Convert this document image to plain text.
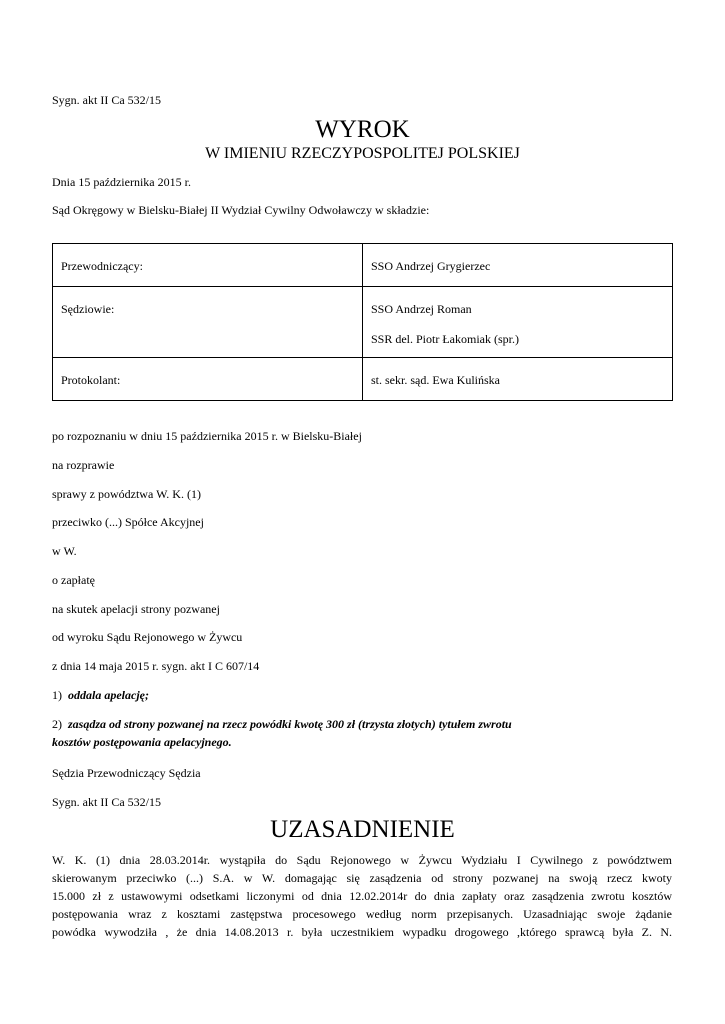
Sygn. akt II Ca 532/15
WYROK
W IMIENIU RZECZYPOSPOLITEJ POLSKIEJ
Dnia 15 października 2015 r.
Sąd Okręgowy w Bielsku-Białej II Wydział Cywilny Odwoławczy w składzie:
Przewodniczący:	SSO Andrzej Grygierzec

Sędziowie:	SSO Andrzej Roman
SSR del. Piotr Łakomiak (spr.)

Protokolant:	st. sekr. sąd. Ewa Kulińska
po rozpoznaniu w dniu 15 października 2015 r. w Bielsku-Białej
na rozprawie
sprawy z powództwa W. K. (1)
przeciwko (...) Spółce Akcyjnej
w W.
o zapłatę
na skutek apelacji strony pozwanej
od wyroku Sądu Rejonowego w Żywcu
z dnia 14 maja 2015 r. sygn. akt I C 607/14
1) oddala apelację;
2) zasądza od strony pozwanej na rzecz powódki kwotę 300 zł (trzysta złotych) tytułem zwrotu
kosztów postępowania apelacyjnego.
Sędzia Przewodniczący Sędzia
Sygn. akt II Ca 532/15
UZASADNIENIE
W. K. (1) dnia 28.03.2014r. wystąpiła do Sądu Rejonowego w Żywcu Wydziału I Cywilnego z powództwem
skierowanym przeciwko (...) S.A. w W. domagając się zasądzenia od strony pozwanej na swoją rzecz kwoty
15.000 zł z ustawowymi odsetkami liczonymi od dnia 12.02.2014r do dnia zapłaty oraz zasądzenia zwrotu kosztów
postępowania wraz z kosztami zastępstwa procesowego według norm przepisanych. Uzasadniając swoje żądanie
powódka wywodziła , że dnia 14.08.2013 r. była uczestnikiem wypadku drogowego ,którego sprawcą była Z. N.
